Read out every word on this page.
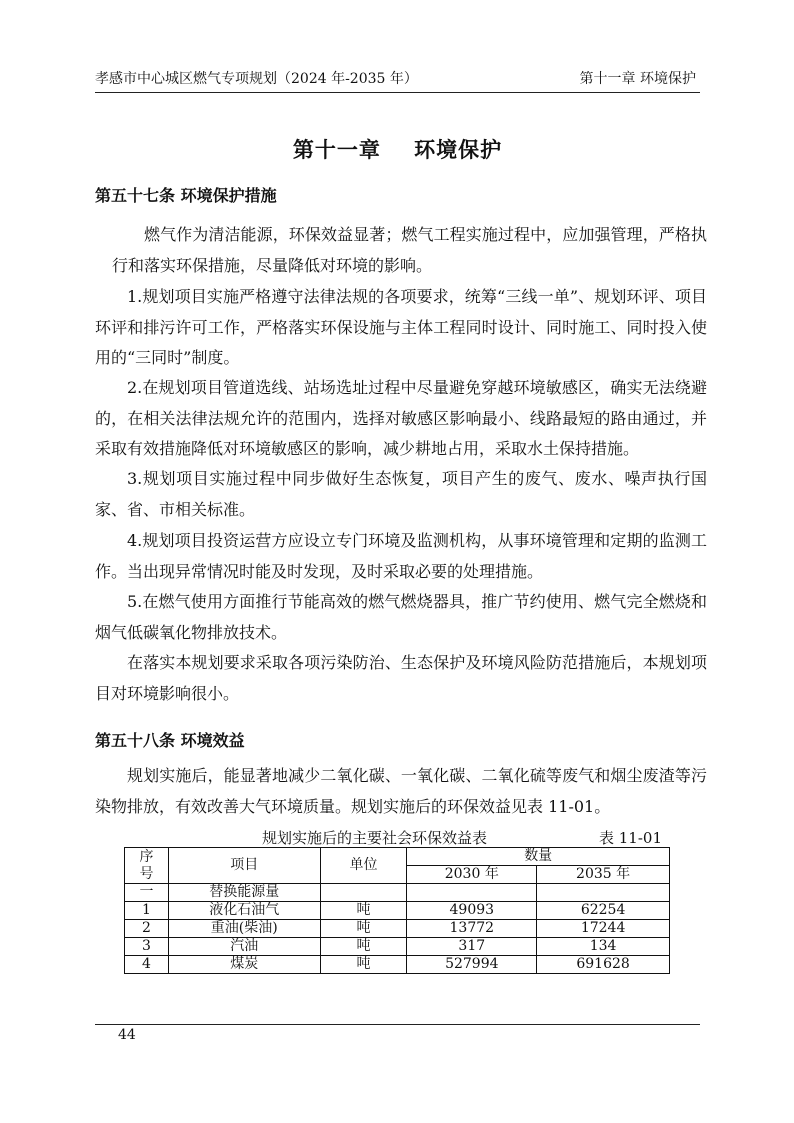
孝感市中心城区燃气专项规划（2024 年-2035 年）	第十一章 环境保护
第十一章    环境保护
第五十七条 环境保护措施
燃气作为清洁能源，环保效益显著；燃气工程实施过程中，应加强管理，严格执行和落实环保措施，尽量降低对环境的影响。
1.规划项目实施严格遵守法律法规的各项要求，统筹“三线一单”、规划环评、项目环评和排污许可工作，严格落实环保设施与主体工程同时设计、同时施工、同时投入使用的“三同时”制度。
2.在规划项目管道选线、站场选址过程中尽量避免穿越环境敏感区，确实无法绕避的，在相关法律法规允许的范围内，选择对敏感区影响最小、线路最短的路由通过，并采取有效措施降低对环境敏感区的影响，减少耕地占用，采取水土保持措施。
3.规划项目实施过程中同步做好生态恢复，项目产生的废气、废水、噪声执行国家、省、市相关标准。
4.规划项目投资运营方应设立专门环境及监测机构，从事环境管理和定期的监测工作。当出现异常情况时能及时发现，及时采取必要的处理措施。
5.在燃气使用方面推行节能高效的燃气燃烧器具，推广节约使用、燃气完全燃烧和烟气低碳氧化物排放技术。
在落实本规划要求采取各项污染防治、生态保护及环境风险防范措施后，本规划项目对环境影响很小。
第五十八条 环境效益
规划实施后，能显著地减少二氧化碳、一氧化碳、二氧化硫等废气和烟尘废渣等污染物排放，有效改善大气环境质量。规划实施后的环保效益见表 11-01。
规划实施后的主要社会环保效益表	表 11-01
序号	项目	单位	数量	
			2030 年	2035 年
一	替换能源量			
1	液化石油气	吨	49093	62254
2	重油(柴油)	吨	13772	17244
3	汽油	吨	317	134
4	煤炭	吨	527994	691628
44
